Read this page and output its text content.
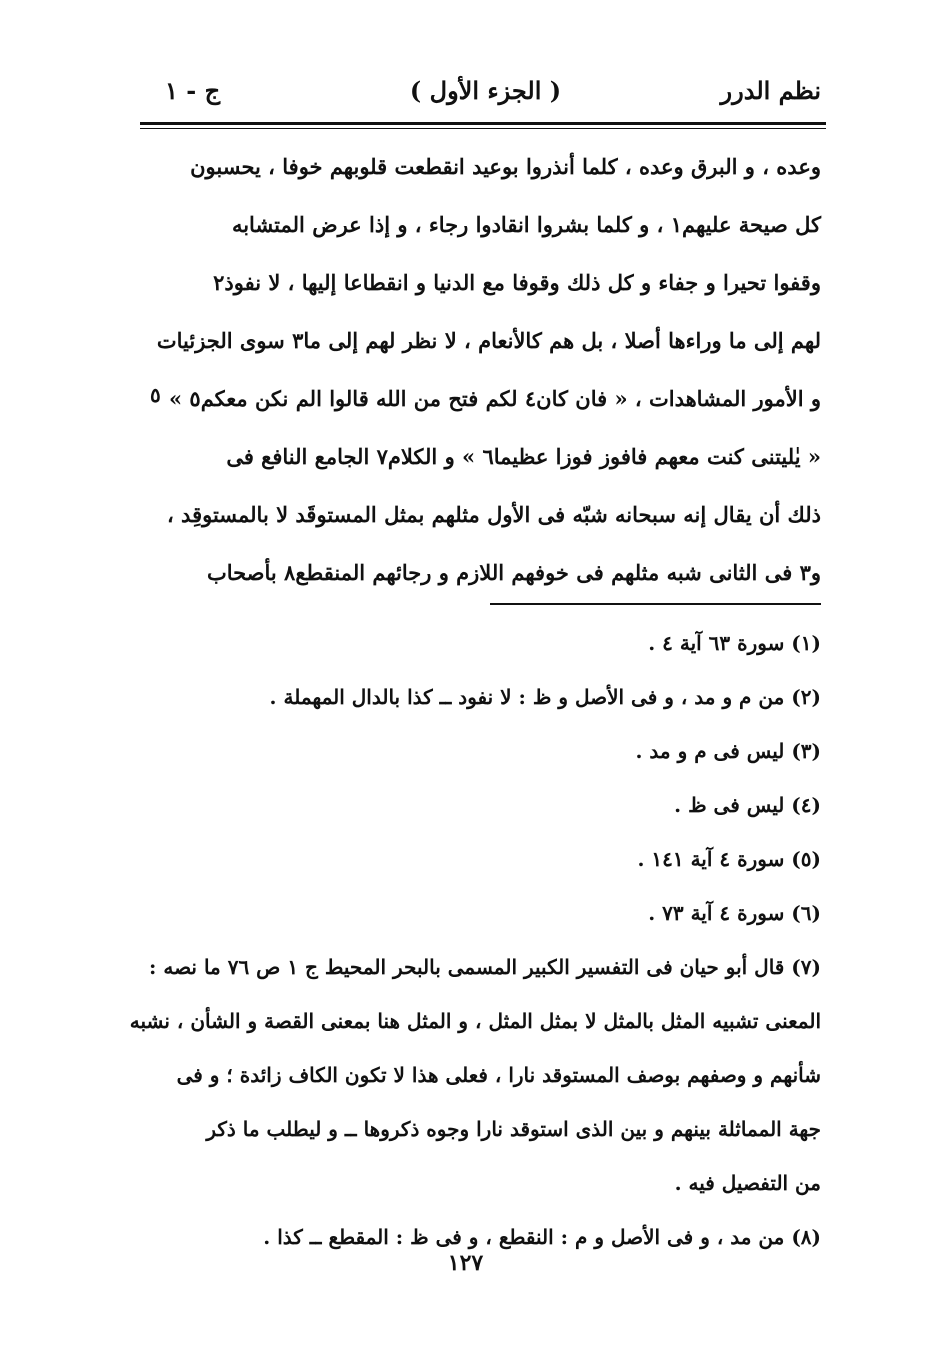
نظم الدرر
( الجزء الأول )
ج - ١
وعده ، و البرق وعده ، كلما أنذروا بوعيد انقطعت قلوبهم خوفا ، يحسبون
كل صيحة عليهم١ ، و كلما بشروا انقادوا رجاء ، و إذا عرض المتشابه
وقفوا تحيرا و جفاء و كل ذلك وقوفا مع الدنيا و انقطاعا إليها ، لا نفوذ٢
لهم إلى ما وراءها أصلا ، بل هم كالأنعام ، لا نظر لهم إلى ما٣ سوى الجزئيات
و الأمور المشاهدات ، « فان كان٤ لكم فتح من الله قالوا الم نكن معكم٥ »
« يٰليتنى كنت معهم فافوز فوزا عظيما٦ » و الكلام٧ الجامع النافع فى
ذلك أن يقال إنه سبحانه شبّه فى الأول مثلهم بمثل المستوقَد لا بالمستوقِد ،
و٣ فى الثانى شبه مثلهم فى خوفهم اللازم و رجائهم المنقطع٨ بأصحاب
٥
(١) سورة ٦٣ آية ٤ .
(٢) من م و مد ، و فى الأصل و ظ : لا نفود ــ كذا بالدال المهملة .
(٣) ليس فى م و مد .
(٤) ليس فى ظ .
(٥) سورة ٤ آية ١٤١ .
(٦) سورة ٤ آية ٧٣ .
(٧) قال أبو حيان فى التفسير الكبير المسمى بالبحر المحيط ج ١ ص ٧٦ ما نصه :
المعنى تشبيه المثل بالمثل لا بمثل المثل ، و المثل هنا بمعنى القصة و الشأن ، نشبه
شأنهم و وصفهم بوصف المستوقد نارا ، فعلى هذا لا تكون الكاف زائدة ؛ و فى
جهة المماثلة بينهم و بين الذى استوقد نارا وجوه ذكروها ــ و ليطلب ما ذكر
من التفصيل فيه .
(٨) من مد ، و فى الأصل و م : النقطع ، و فى ظ : المقطع ــ كذا .
١٢٧
